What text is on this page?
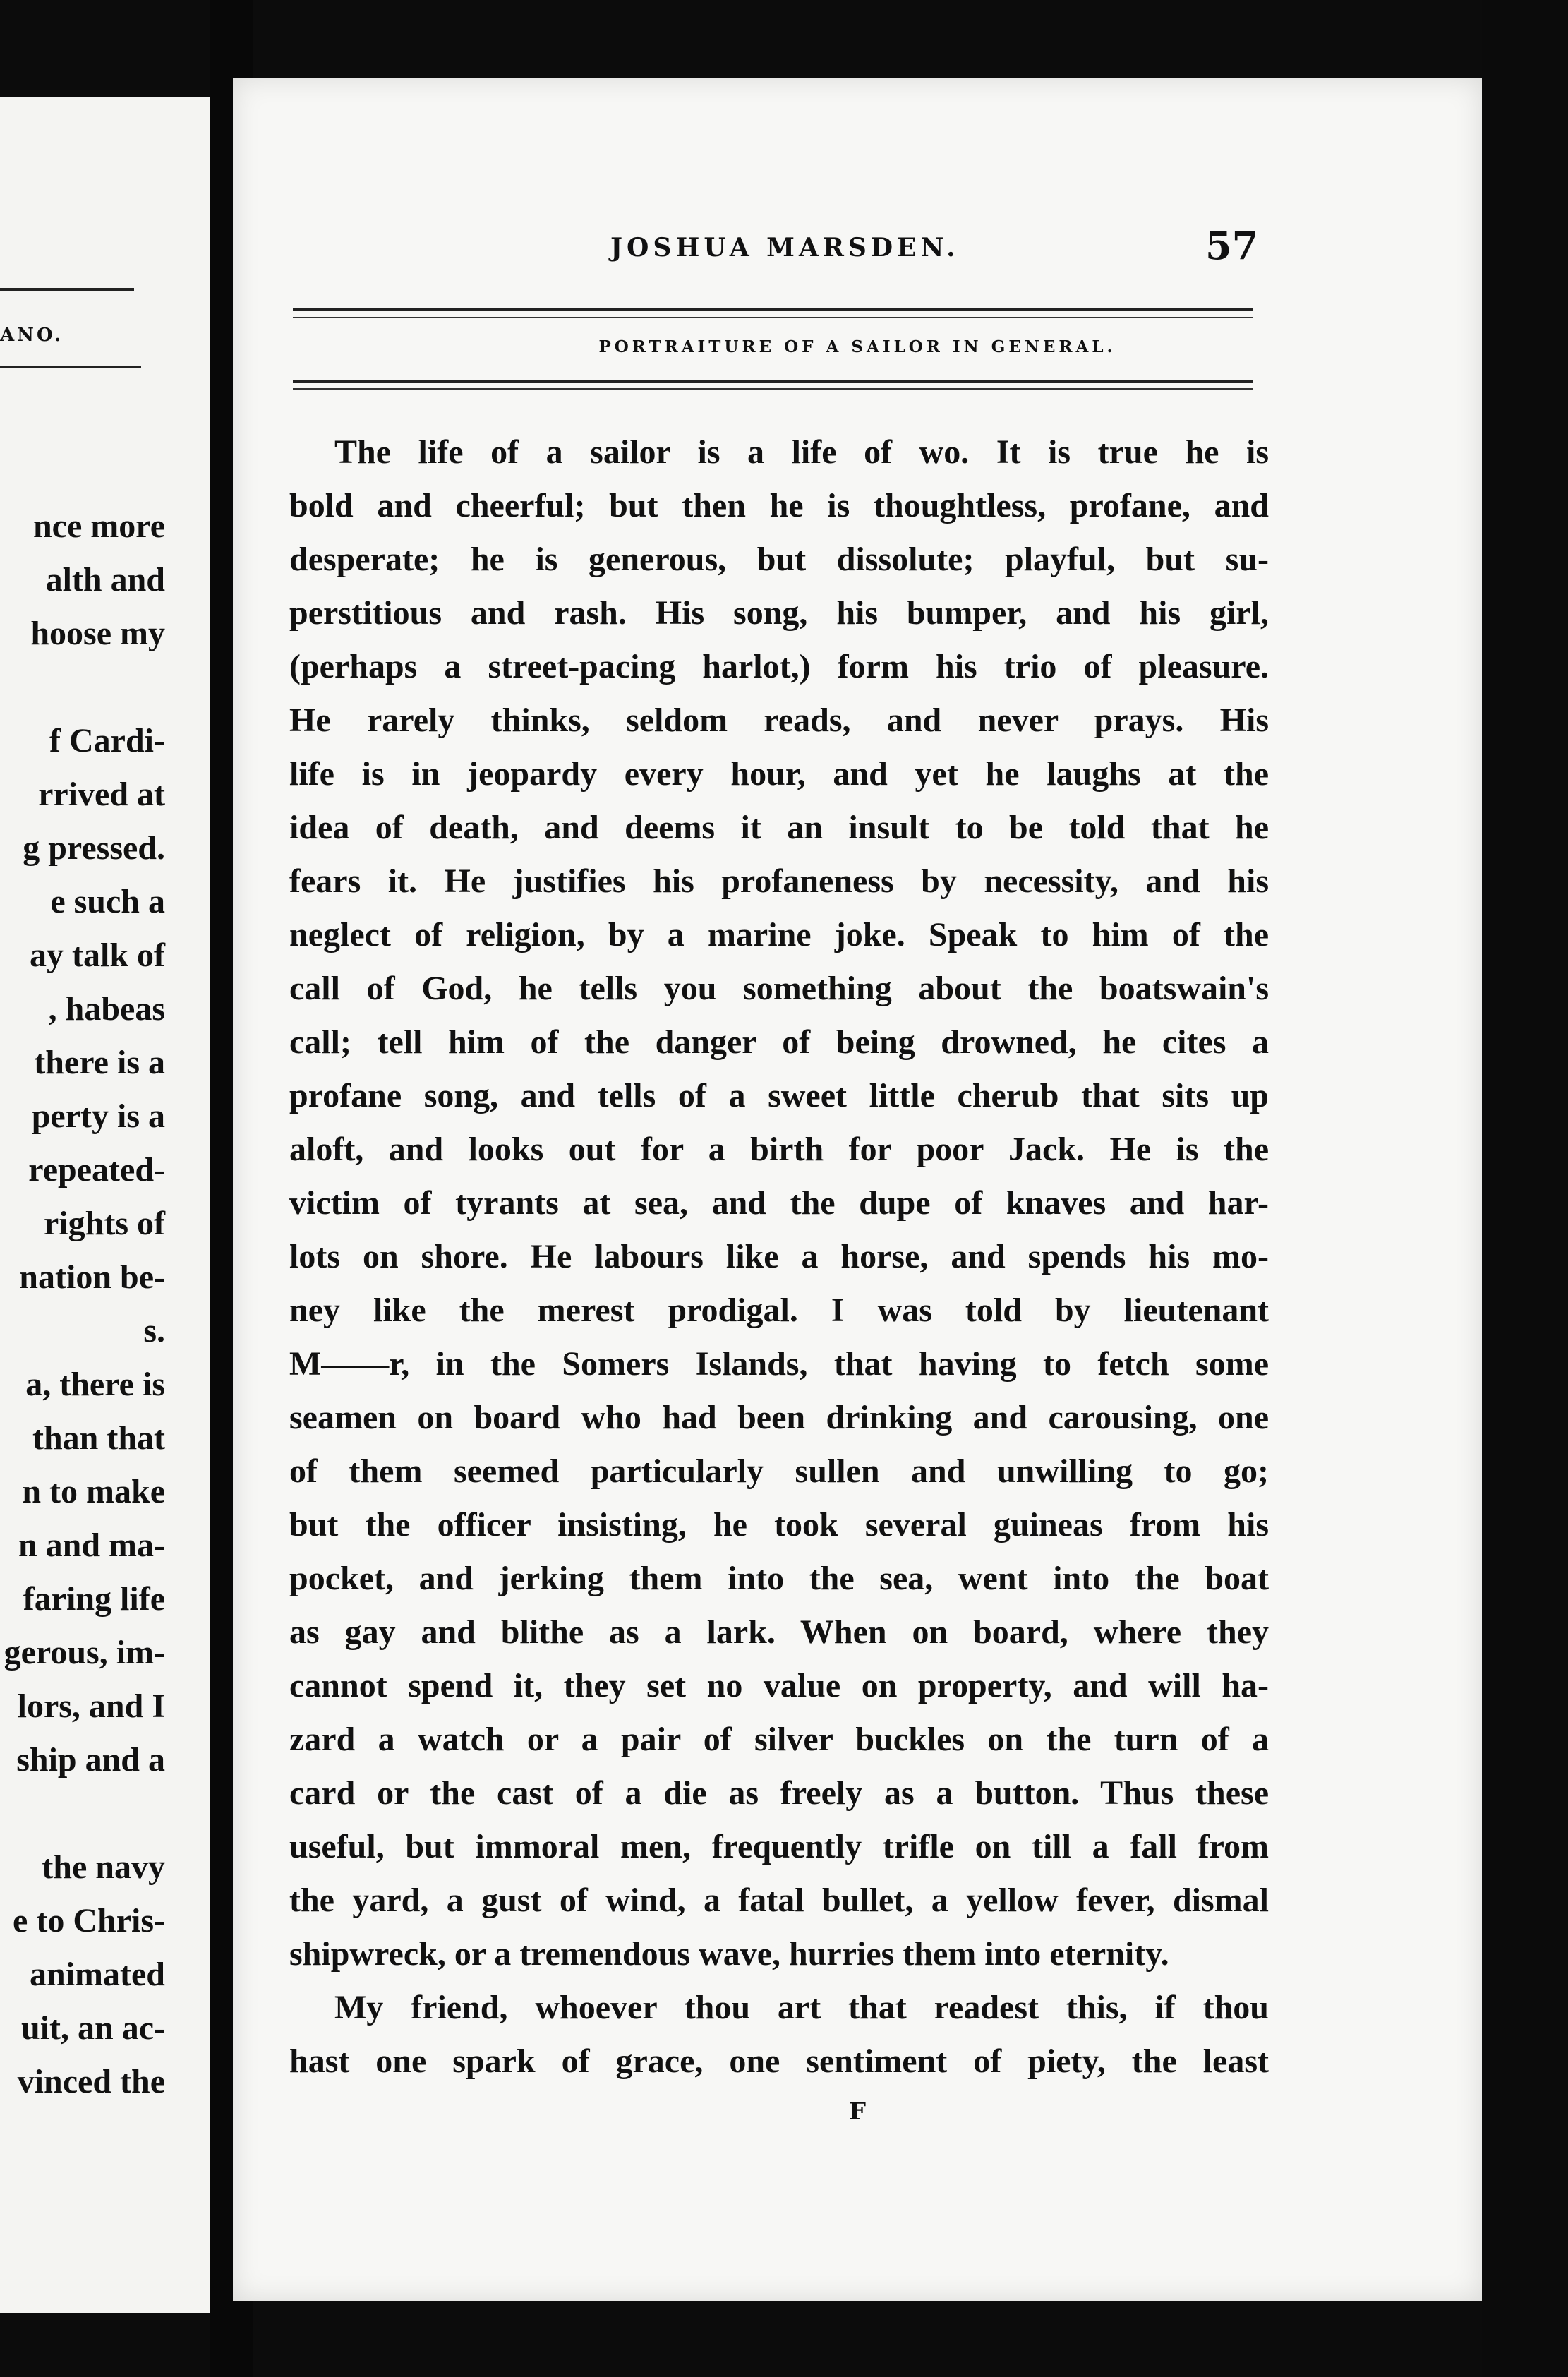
ANO.
nce more
alth and
hoose my
f Cardi-
rrived at
g pressed.
e such a
ay talk of
, habeas
there is a
perty is a
repeated-
rights of
nation be-
s.
a, there is
than that
n to make
n and ma-
faring life
gerous, im-
lors, and I
ship and a
the navy
e to Chris-
animated
uit, an ac-
vinced the
JOSHUA MARSDEN.	57
PORTRAITURE OF A SAILOR IN GENERAL.
The life of a sailor is a life of wo. It is true he is
bold and cheerful; but then he is thoughtless, profane, and
desperate; he is generous, but dissolute; playful, but su-
perstitious and rash. His song, his bumper, and his girl,
(perhaps a street-pacing harlot,) form his trio of pleasure.
He rarely thinks, seldom reads, and never prays. His
life is in jeopardy every hour, and yet he laughs at the
idea of death, and deems it an insult to be told that he
fears it. He justifies his profaneness by necessity, and his
neglect of religion, by a marine joke. Speak to him of the
call of God, he tells you something about the boatswain's
call; tell him of the danger of being drowned, he cites a
profane song, and tells of a sweet little cherub that sits up
aloft, and looks out for a birth for poor Jack. He is the
victim of tyrants at sea, and the dupe of knaves and har-
lots on shore. He labours like a horse, and spends his mo-
ney like the merest prodigal. I was told by lieutenant
M——r, in the Somers Islands, that having to fetch some
seamen on board who had been drinking and carousing, one
of them seemed particularly sullen and unwilling to go;
but the officer insisting, he took several guineas from his
pocket, and jerking them into the sea, went into the boat
as gay and blithe as a lark. When on board, where they
cannot spend it, they set no value on property, and will ha-
zard a watch or a pair of silver buckles on the turn of a
card or the cast of a die as freely as a button. Thus these
useful, but immoral men, frequently trifle on till a fall from
the yard, a gust of wind, a fatal bullet, a yellow fever, dismal
shipwreck, or a tremendous wave, hurries them into eternity.
My friend, whoever thou art that readest this, if thou
hast one spark of grace, one sentiment of piety, the least
F
